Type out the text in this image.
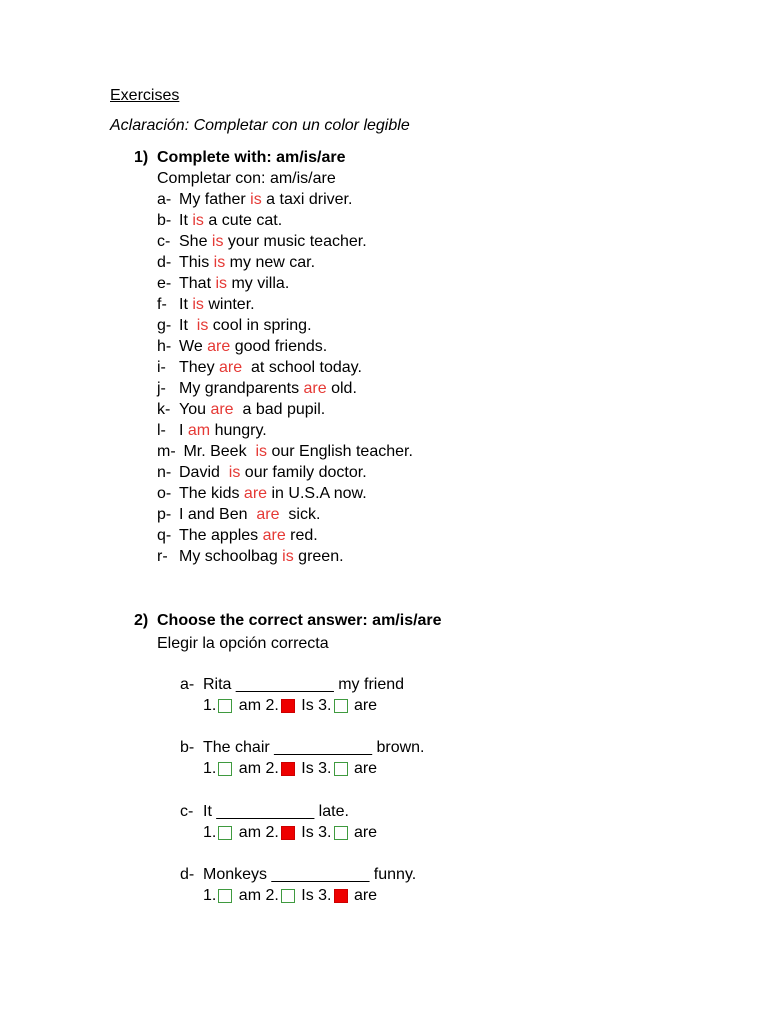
Exercises
Aclaración: Completar con un color legible
1) Complete with: am/is/are
Completar con: am/is/are
a- My father is a taxi driver.
b- It is a cute cat.
c- She is your music teacher.
d- This is my new car.
e- That is my villa.
f- It is winter.
g- It  is cool in spring.
h- We are good friends.
i- They are  at school today.
j- My grandparents are old.
k- You are  a bad pupil.
l- I am hungry.
m- Mr. Beek  is our English teacher.
n- David  is our family doctor.
o- The kids are in U.S.A now.
p- I and Ben  are  sick.
q- The apples are red.
r- My schoolbag is green.
2) Choose the correct answer: am/is/are
Elegir la opción correcta
a- Rita ___________ my friend
1. am 2. Is 3. are
b- The chair ___________ brown.
1. am 2. Is 3. are
c- It ___________ late.
1. am 2. Is 3. are
d- Monkeys ___________ funny.
1. am 2. Is 3. are
